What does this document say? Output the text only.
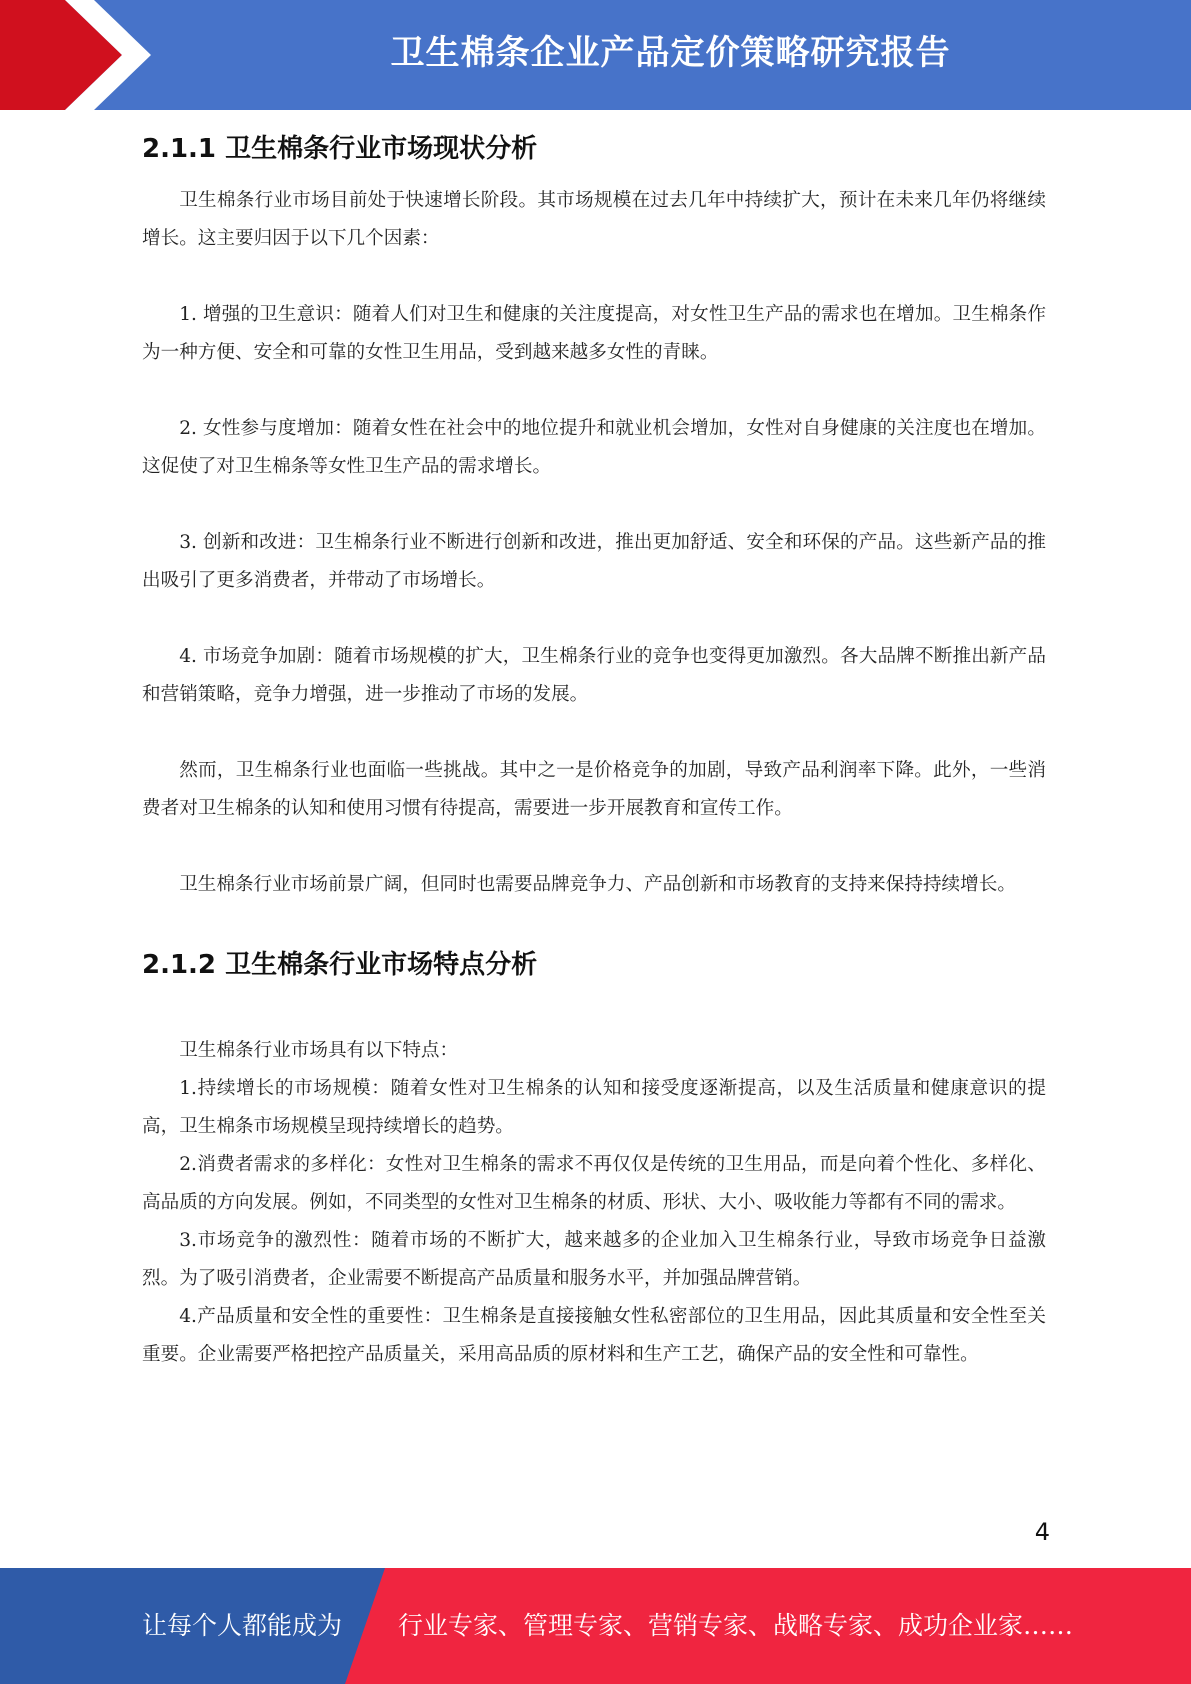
卫生棉条企业产品定价策略研究报告
2.1.1 卫生棉条行业市场现状分析

卫生棉条行业市场目前处于快速增长阶段。其市场规模在过去几年中持续扩大，预计在未来几年仍将继续增长。这主要归因于以下几个因素：

1. 增强的卫生意识：随着人们对卫生和健康的关注度提高，对女性卫生产品的需求也在增加。卫生棉条作为一种方便、安全和可靠的女性卫生用品，受到越来越多女性的青睐。

2. 女性参与度增加：随着女性在社会中的地位提升和就业机会增加，女性对自身健康的关注度也在增加。这促使了对卫生棉条等女性卫生产品的需求增长。

3. 创新和改进：卫生棉条行业不断进行创新和改进，推出更加舒适、安全和环保的产品。这些新产品的推出吸引了更多消费者，并带动了市场增长。

4. 市场竞争加剧：随着市场规模的扩大，卫生棉条行业的竞争也变得更加激烈。各大品牌不断推出新产品和营销策略，竞争力增强，进一步推动了市场的发展。

然而，卫生棉条行业也面临一些挑战。其中之一是价格竞争的加剧，导致产品利润率下降。此外，一些消费者对卫生棉条的认知和使用习惯有待提高，需要进一步开展教育和宣传工作。

卫生棉条行业市场前景广阔，但同时也需要品牌竞争力、产品创新和市场教育的支持来保持持续增长。

2.1.2 卫生棉条行业市场特点分析

卫生棉条行业市场具有以下特点：

1.持续增长的市场规模：随着女性对卫生棉条的认知和接受度逐渐提高，以及生活质量和健康意识的提高，卫生棉条市场规模呈现持续增长的趋势。

2.消费者需求的多样化：女性对卫生棉条的需求不再仅仅是传统的卫生用品，而是向着个性化、多样化、高品质的方向发展。例如，不同类型的女性对卫生棉条的材质、形状、大小、吸收能力等都有不同的需求。

3.市场竞争的激烈性：随着市场的不断扩大，越来越多的企业加入卫生棉条行业，导致市场竞争日益激烈。为了吸引消费者，企业需要不断提高产品质量和服务水平，并加强品牌营销。

4.产品质量和安全性的重要性：卫生棉条是直接接触女性私密部位的卫生用品，因此其质量和安全性至关重要。企业需要严格把控产品质量关，采用高品质的原材料和生产工艺，确保产品的安全性和可靠性。

4
让每个人都能成为 行业专家、管理专家、营销专家、战略专家、成功企业家……
